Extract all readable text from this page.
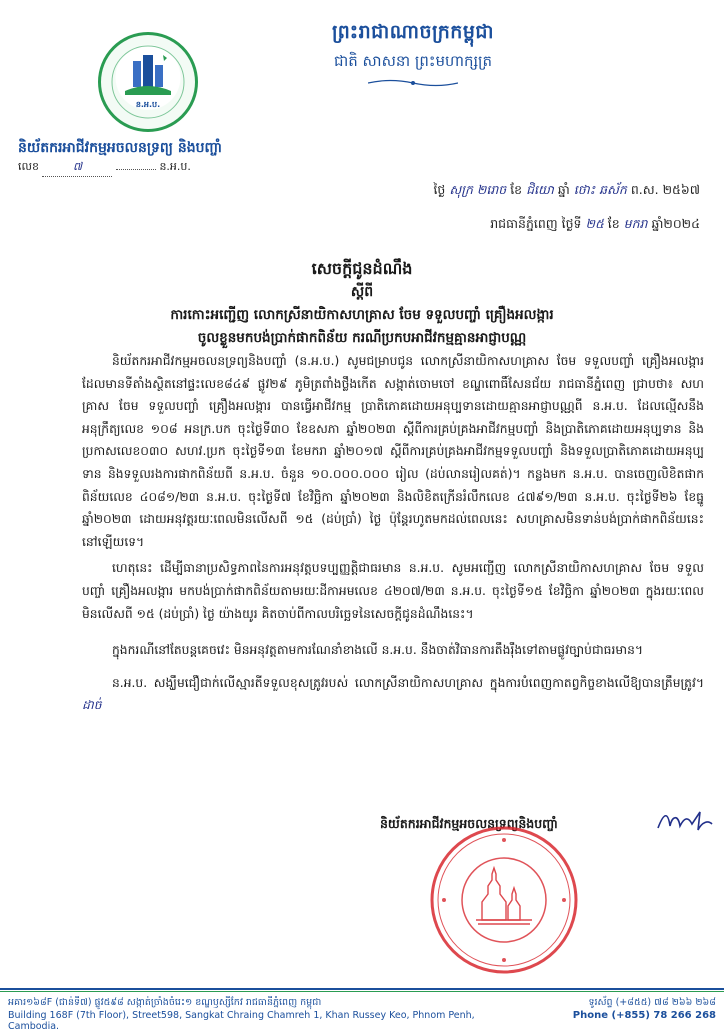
ន.អ.ប.
និយ័តករអាជីវកម្មអចលនទ្រព្យ និងបញ្ចាំ
លេខ	៧	ន.អ.ប.
ព្រះរាជាណាចក្រកម្ពុជា
ជាតិ សាសនា ព្រះមហាក្សត្រ
ថ្ងៃ សុក្រ ២រោច ខែ ជិយោ ឆ្នាំ ថោះ ឆស័ក ព.ស. ២៥៦៧
រាជធានីភ្នំពេញ ថ្ងៃទី ២៥ ខែ មករា ឆ្នាំ២០២៤
សេចក្តីជូនដំណឹង
ស្តីពី
ការកោះអញ្ជើញ លោកស្រីនាយិកាសហគ្រាស ចែម ទទួលបញ្ចាំ គ្រឿងអលង្ការ
ចូលខ្លួនមកបង់ប្រាក់ផាកពិន័យ ករណីប្រកបអាជីវកម្មគ្មានអាជ្ញាបណ្ណ

និយ័តករអាជីវកម្មអចលនទ្រព្យនិងបញ្ចាំ (ន.អ.ប.) សូមជម្រាបជូន លោកស្រីនាយិកាសហគ្រាស ចែម ទទួលបញ្ចាំ គ្រឿងអលង្ការ ដែលមានទីតាំងស្ថិតនៅផ្ទះលេខ៨៤៩ ផ្លូវ២៩ ភូមិត្រពាំងថ្លឹងកើត សង្កាត់ចោមចៅ ខណ្ឌពោធិ៍សែនជ័យ រាជធានីភ្នំពេញ ជ្រាបថា៖ សហគ្រាស ចែម ទទួលបញ្ចាំ គ្រឿងអលង្ការ បានធ្វើអាជីវកម្ម ប្រាតិភោគដោយអនុប្បទានដោយគ្មានអាជ្ញាបណ្ណពី ន.អ.ប. ដែលល្មើសនឹងអនុក្រឹត្យលេខ ១០៨ អនក្រ.បក ចុះថ្ងៃទី៣០ ខែឧសភា ឆ្នាំ២០២៣ ស្តីពីការគ្រប់គ្រងអាជីវកម្មបញ្ចាំ និងប្រាតិភោគដោយអនុប្បទាន និងប្រកាសលេខ០៣០ សហវ.ប្រក ចុះថ្ងៃទី១៣ ខែមករា ឆ្នាំ២០១៧ ស្តីពីការគ្រប់គ្រងអាជីវកម្មទទួលបញ្ចាំ និងទទួលប្រាតិភោគដោយអនុប្បទាន និងទទួលរងការផាកពិន័យពី ន.អ.ប. ចំនួន ១០.០០០.០០០ រៀល (ដប់លានរៀលគត់)។ កន្លងមក ន.អ.ប. បានចេញលិខិតផាកពិន័យលេខ ៤០៨១/២៣ ន.អ.ប. ចុះថ្ងៃទី៧ ខែវិច្ឆិកា ឆ្នាំ២០២៣ និងលិខិតក្រើនរំលឹកលេខ ៤៧៩១/២៣ ន.អ.ប. ចុះថ្ងៃទី២៦ ខែធ្នូ ឆ្នាំ២០២៣ ដោយអនុវត្តរយៈពេលមិនលើសពី ១៥ (ដប់ប្រាំ) ថ្ងៃ ប៉ុន្តែរហូតមកដល់ពេលនេះ សហគ្រាសមិនទាន់បង់ប្រាក់ផាកពិន័យនេះនៅឡើយទេ។

ហេតុនេះ ដើម្បីធានាប្រសិទ្ធភាពនៃការអនុវត្តបទប្បញ្ញត្តិជាធរមាន ន.អ.ប. សូមអញ្ជើញ លោកស្រីនាយិកាសហគ្រាស ចែម ទទួលបញ្ចាំ គ្រឿងអលង្ការ មកបង់ប្រាក់ផាកពិន័យតាមរយៈដីកាអមលេខ ៤២០៧/២៣ ន.អ.ប. ចុះថ្ងៃទី១៥ ខែវិច្ឆិកា ឆ្នាំ២០២៣ ក្នុងរយៈពេលមិនលើសពី ១៥ (ដប់ប្រាំ) ថ្ងៃ យ៉ាងយូរ គិតចាប់ពីកាលបរិច្ឆេទនៃសេចក្តីជូនដំណឹងនេះ។

ក្នុងករណីនៅតែបន្តគេចវេះ មិនអនុវត្តតាមការណែនាំខាងលើ ន.អ.ប. នឹងចាត់វិធានការតឹងរ៉ឹងទៅតាមផ្លូវច្បាប់ជាធរមាន។

ន.អ.ប. សង្ឃឹមជឿជាក់លើស្មារតីទទួលខុសត្រូវរបស់ លោកស្រីនាយិកាសហគ្រាស ក្នុងការបំពេញកាតព្វកិច្ចខាងលើឱ្យបានត្រឹមត្រូវ។ដាច់

និយ័តករអាជីវកម្មអចលនទ្រព្យនិងបញ្ចាំ
អគារ១៦៨F (ជាន់ទី៧) ផ្លូវ៥៩៨ សង្កាត់ច្រាំងចំរេះ១ ខណ្ឌឫស្សីកែវ រាជធានីភ្នំពេញ កម្ពុជា
Building 168F (7th Floor), Street598, Sangkat Chraing Chamreh 1, Khan Russey Keo, Phnom Penh, Cambodia.
ទូរស័ព្ទ (+៨៥៥) ៧៨ ២៦៦ ២៦៨
Phone (+855) 78 266 268
